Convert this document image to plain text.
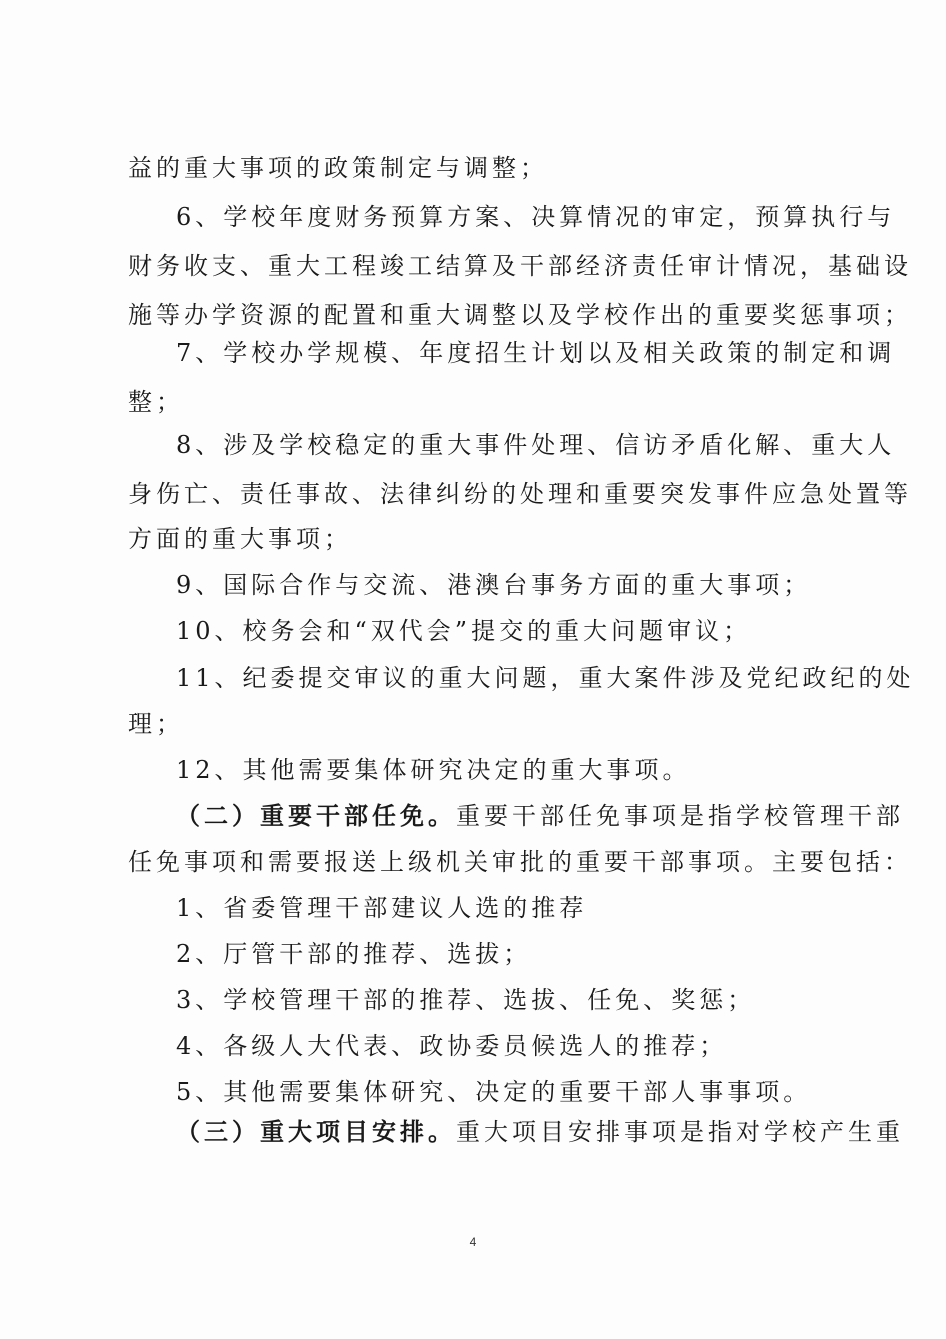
益的重大事项的政策制定与调整；
6、学校年度财务预算方案、决算情况的审定，预算执行与
财务收支、重大工程竣工结算及干部经济责任审计情况，基础设
施等办学资源的配置和重大调整以及学校作出的重要奖惩事项；
7、学校办学规模、年度招生计划以及相关政策的制定和调
整；
8、涉及学校稳定的重大事件处理、信访矛盾化解、重大人
身伤亡、责任事故、法律纠纷的处理和重要突发事件应急处置等
方面的重大事项；
9、国际合作与交流、港澳台事务方面的重大事项；
10、校务会和“双代会”提交的重大问题审议；
11、纪委提交审议的重大问题，重大案件涉及党纪政纪的处
理；
12、其他需要集体研究决定的重大事项。
（二）重要干部任免。重要干部任免事项是指学校管理干部
任免事项和需要报送上级机关审批的重要干部事项。主要包括：
1、省委管理干部建议人选的推荐
2、厅管干部的推荐、选拔；
3、学校管理干部的推荐、选拔、任免、奖惩；
4、各级人大代表、政协委员候选人的推荐；
5、其他需要集体研究、决定的重要干部人事事项。
（三）重大项目安排。重大项目安排事项是指对学校产生重
4
